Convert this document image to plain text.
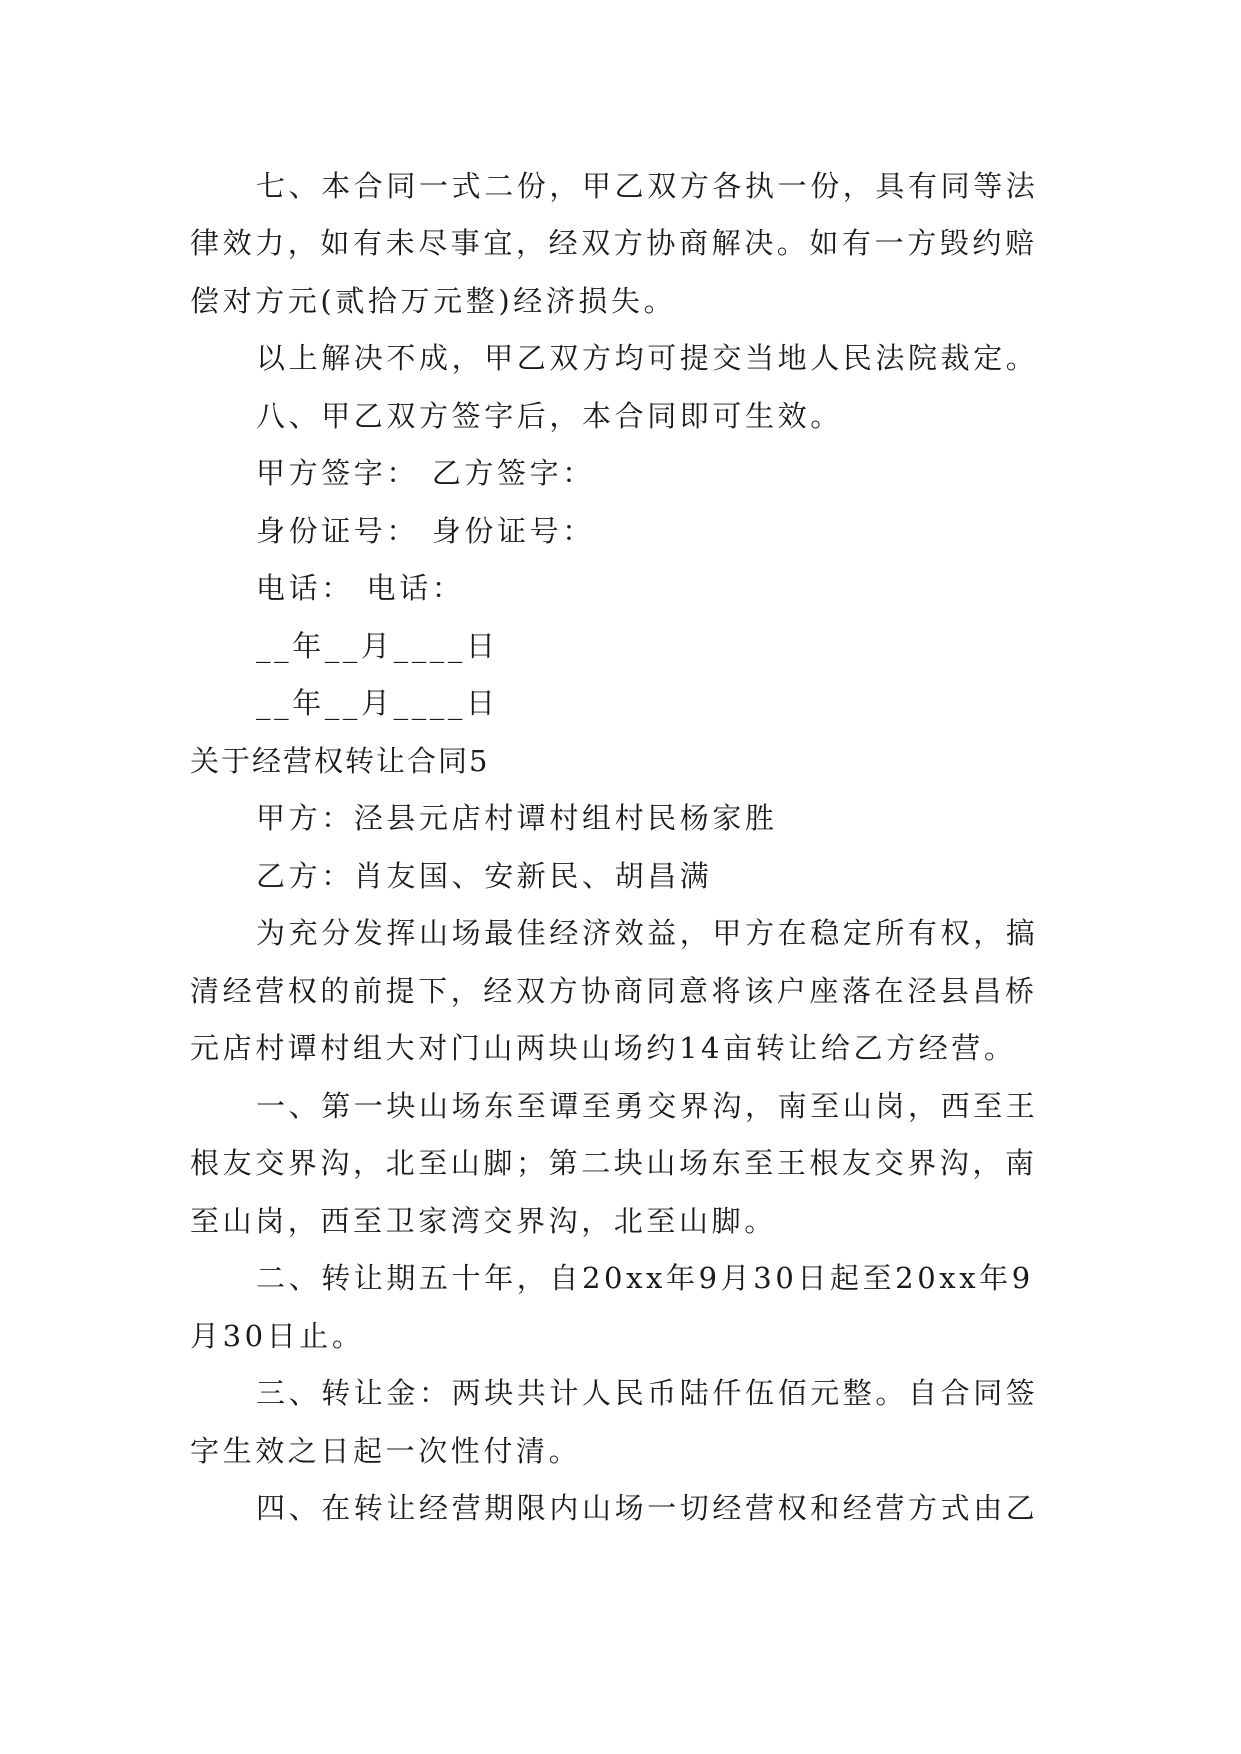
七、本合同一式二份，甲乙双方各执一份，具有同等法
律效力，如有未尽事宜，经双方协商解决。如有一方毁约赔
偿对方元(贰拾万元整)经济损失。
以上解决不成，甲乙双方均可提交当地人民法院裁定。
八、甲乙双方签字后，本合同即可生效。
甲方签字： 乙方签字：
身份证号： 身份证号：
电话： 电话：
__年__月____日
__年__月____日
关于经营权转让合同5
甲方：泾县元店村谭村组村民杨家胜
乙方：肖友国、安新民、胡昌满
为充分发挥山场最佳经济效益，甲方在稳定所有权，搞
清经营权的前提下，经双方协商同意将该户座落在泾县昌桥
元店村谭村组大对门山两块山场约14亩转让给乙方经营。
一、第一块山场东至谭至勇交界沟，南至山岗，西至王
根友交界沟，北至山脚；第二块山场东至王根友交界沟，南
至山岗，西至卫家湾交界沟，北至山脚。
二、转让期五十年，自20xx年9月30日起至20xx年9
月30日止。
三、转让金：两块共计人民币陆仟伍佰元整。自合同签
字生效之日起一次性付清。
四、在转让经营期限内山场一切经营权和经营方式由乙
